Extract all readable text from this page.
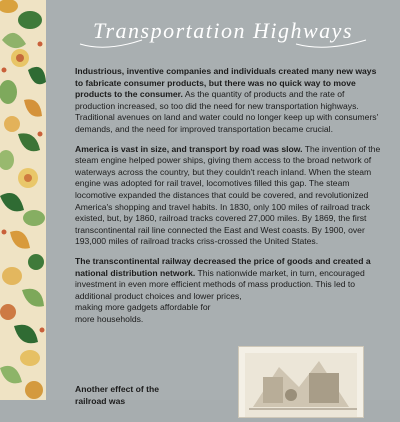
Transportation Highways

Industrious, inventive companies and individuals created many new ways to fabricate consumer products, but there was no quick way to move products to the consumer. As the quantity of products and the rate of production increased, so too did the need for new transportation highways. Traditional avenues on land and water could no longer keep up with consumers' demands, and the need for improved transportation became crucial.

America is vast in size, and transport by road was slow. The invention of the steam engine helped power ships, giving them access to the broad network of waterways across the country, but they couldn't reach inland. When the steam engine was adopted for rail travel, locomotives filled this gap. The steam locomotive expanded the distances that could be covered, and revolutionized America's shopping and travel habits. In 1830, only 100 miles of railroad track existed, but, by 1860, railroad tracks covered 27,000 miles. By 1869, the first transcontinental rail line connected the East and West coasts. By 1900, over 193,000 miles of railroad tracks criss-crossed the United States.

The transcontinental railway decreased the price of goods and created a national distribution network. This nationwide market, in turn, encouraged investment in even more efficient methods of mass production. This led to additional product choices and lower prices,
making more gadgets affordable for more households.

Another effect of the railroad was
